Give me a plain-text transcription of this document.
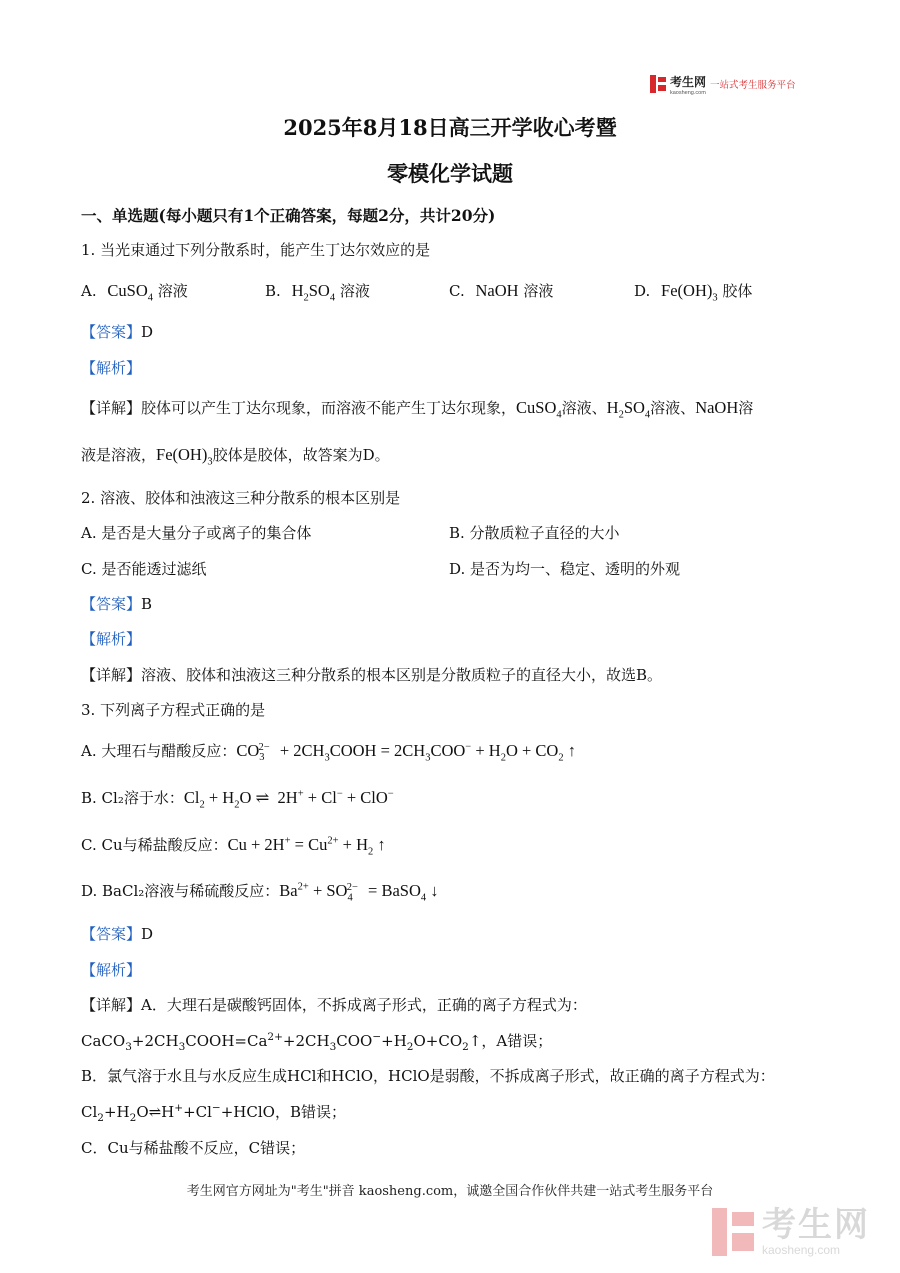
考生网
kaosheng.com
一站式考生服务平台
2025年8月18日高三开学收心考暨
零模化学试题
一、单选题(每小题只有1个正确答案，每题2分，共计20分)
1. 当光束通过下列分散系时，能产生丁达尔效应的是
A. CuSO$_4$ 溶液	B. $H_2SO_4$ 溶液	C. NaOH 溶液	D. $Fe(OH)_3$ 胶体
【答案】D
【解析】
【详解】胶体可以产生丁达尔现象，而溶液不能产生丁达尔现象，CuSO$_4$溶液、$H_2SO_4$溶液、NaOH溶
液是溶液，$Fe(OH)_3$胶体是胶体，故答案为D。
2. 溶液、胶体和浊液这三种分散系的根本区别是
A. 是否是大量分子或离子的集合体	B. 分散质粒子直径的大小
C. 是否能透过滤纸	D. 是否为均一、稳定、透明的外观
【答案】B
【解析】
【详解】溶液、胶体和浊液这三种分散系的根本区别是分散质粒子的直径大小，故选B。
3. 下列离子方程式正确的是
A. 大理石与醋酸反应：$CO_3^{2-}$ + $2CH_3COOH = 2CH_3COO^- + H_2O + CO_2$ ↑
B. Cl₂溶于水：$Cl_2 + H_2O$ ⇌  2H+ + Cl− + ClO−
C. Cu与稀盐酸反应：$Cu + 2H^+ = Cu^{2+} + H_2$ ↑
D. BaCl₂溶液与稀硫酸反应：$Ba^{2+} + SO_4^{2-}$ = BaSO$_4$ ↓
【答案】D
【解析】
【详解】A．大理石是碳酸钙固体，不拆成离子形式，正确的离子方程式为：
$CaCO_3+2CH_3COOH=Ca^{2+}+2CH_3COO^-+H_2O+CO_2↑$，A错误；
B．氯气溶于水且与水反应生成HCl和HClO，HClO是弱酸，不拆成离子形式，故正确的离子方程式为：
$Cl_2+H_2O\rightleftharpoons H^++Cl^-+HClO$，B错误；
C．Cu与稀盐酸不反应，C错误；
考生网官方网址为"考生"拼音 kaosheng.com，诚邀全国合作伙伴共建一站式考生服务平台
考生网
kaosheng.com
